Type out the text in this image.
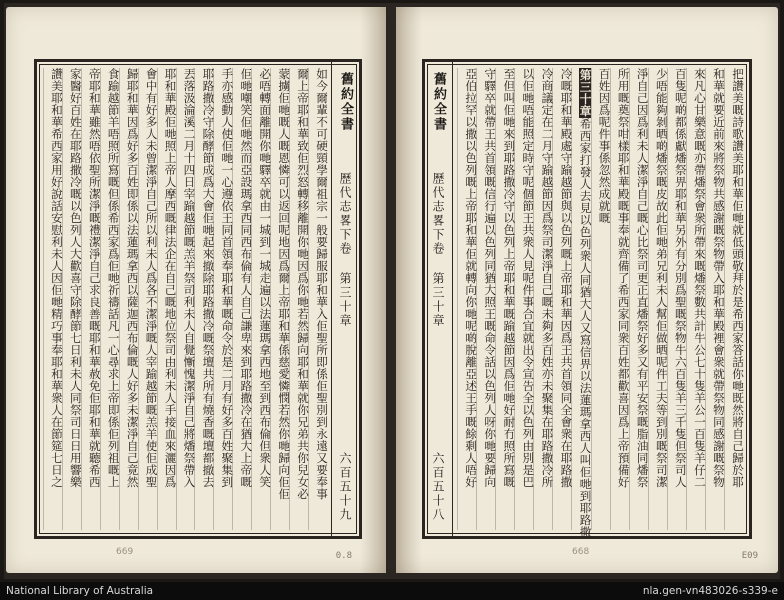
舊約全書
歷代志畧下卷
第三十章
六百五十九
如今爾輩不可硬頸學爾祖宗一般要歸服耶和華入佢聖所即係佢聖別到永遠又要奉事
爾上帝耶和華致佢烈怒轉移離開你哋因爲你哋若然歸向耶和華就你兄弟共你兒女必
蒙擄佢哋嘅人嘅恩憐可以返回呢地因爲爾上帝耶和華係慈愛憐憫若然你哋歸向佢佢
必唔轉面離開你哋驛卒就由一城到一城走遍以法蓮瑪拿西地至到西布倫但衆人笑
佢哋嘲笑佢哋然而亞設瑪拿西同西布倫有人自己謙卑來到耶路撒冷在猶大上帝嘅
手亦感動人使佢哋一心遵依王同首領奉耶和華嘅命令於是二月有好多百姓聚集到
耶路撒冷守除酵節成爲大會佢哋起來撤除耶路撒冷嘅祭壇共所有燒香嘅壇都撤去
丟落汲淪溪二月十四日宰踰越節嘅羔羊祭司利未人自覺慚愧潔淨自己將燔祭帶入
耶和華殿佢哋照上帝人摩西嘅律法企在自己嘅地位祭司由利未人手接血來灑因爲
會中有好多人未曾潔淨自己所以利未人爲各不潔淨嘅人宰踰越節嘅羔羊使佢成聖
歸耶和華因爲好多百姓即係以法蓮瑪拿西以薩迦西布倫嘅人好多未潔淨自己竟然
食踰越節羊唔照所寫嘅但係希西家爲佢哋祈禱話凡一心尋求上帝即係佢列祖嘅上
帝耶和華雖然唔依聖所潔淨嘅禮潔淨自己求良善嘅耶和華赦免佢耶和華就聽希西
家醫好百姓在耶路撒冷嘅以色列人大歡喜守除酵節七日利未人同祭司日日用響樂
讚美耶和華希西家用好說話安慰利未人因佢哋精巧事奉耶和華衆人在節筵七日之
669	0.8
舊約全書
歷代志畧下卷
第三十章
六百五十八	把讚美嘅詩歌讚美耶和華佢哋就低頭敬拜於是希西家答話你哋既然將自己歸於耶
和華就要近前來將祭物共感謝嘅祭物帶入耶和華殿裡會衆就帶祭物同感謝嘅祭物
來凡心甘樂意嘅亦帶燔祭會衆所帶來嘅燔祭數共計牛公七十隻羊公一百隻羊仔二
百隻呢啲都係獻燔祭畀耶和華另外有分別爲聖嘅祭物牛六百隻羊三千隻但祭司人
少唔能夠剝晒啲燔祭嘅皮故此佢哋弟兄利未人幫佢做晒呢件工夫等到別嘅祭司潔
淨自己因爲利未人潔淨自己嘅心比祭司更正直燔祭好多又有平安祭嘅脂油同燔祭
所用嘅奠祭咁樣耶和華殿嘅事奉就齊備了希西家同衆百姓都歡喜因爲上帝預備好
百姓因爲呢件事係忽然成就嘅
第三十章希西家打發人去見以色列衆人同猶大人又寫信畀以法蓮瑪拿西人叫佢哋到耶路撒
冷嘅耶和華殿處守踰越節與以色列嘅上帝耶和華因爲王共首領同全會衆在耶路撒
冷商議定在二月守踰越節因爲祭司潔淨自己嘅未夠多百姓亦未聚集在耶路撒冷所
以佢哋唔能照定時守呢個節王共衆人見呢件事合宜就出令宣告全以色列由別是巴
至但叫佢哋來到耶路撒冷守以色列上帝耶和華嘅踰越節因爲佢哋好耐冇照所寫嘅
守驛卒就帶王共首領嘅信行遍以色列同猶大照王嘅命令話以色列人呀你哋要歸向
亞伯拉罕以撒以色列嘅上帝耶和華佢就轉向你哋呢啲脫離亞述王手嘅餘剩人唔好
668	E09
National Library of Australia	nla.gen-vn483026-s339-e
